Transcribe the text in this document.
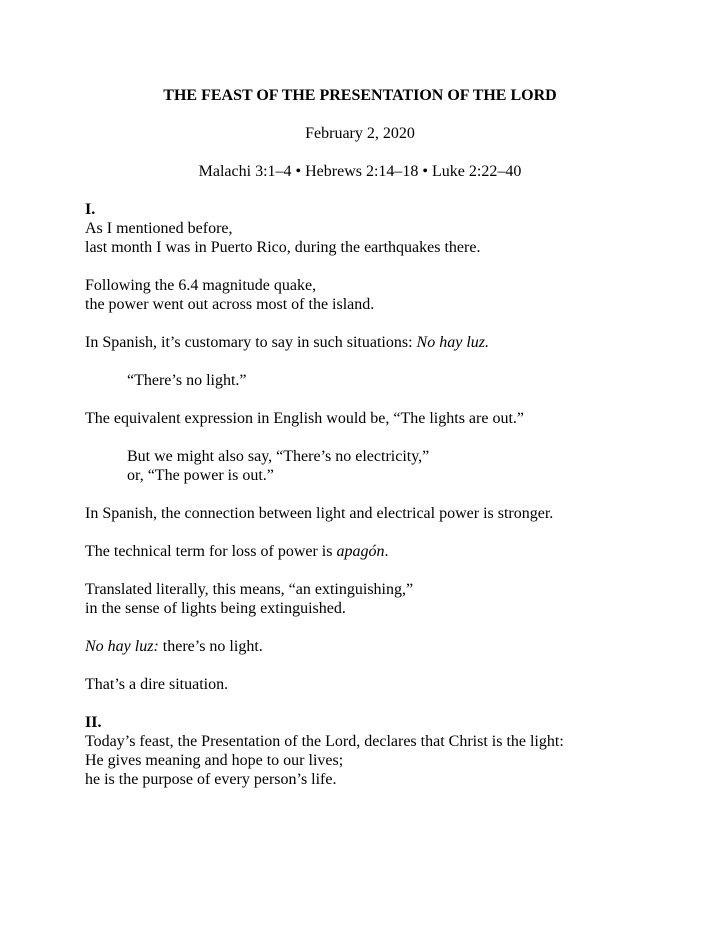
THE FEAST OF THE PRESENTATION OF THE LORD
February 2, 2020
Malachi 3:1–4 • Hebrews 2:14–18 • Luke 2:22–40

I.

As I mentioned before,
last month I was in Puerto Rico, during the earthquakes there.

Following the 6.4 magnitude quake,
the power went out across most of the island.

In Spanish, it’s customary to say in such situations: No hay luz.

“There’s no light.”

The equivalent expression in English would be, “The lights are out.”

But we might also say, “There’s no electricity,”
or, “The power is out.”

In Spanish, the connection between light and electrical power is stronger.

The technical term for loss of power is apagón.

Translated literally, this means, “an extinguishing,”
in the sense of lights being extinguished.

No hay luz: there’s no light.

That’s a dire situation.

II.

Today’s feast, the Presentation of the Lord, declares that Christ is the light:
He gives meaning and hope to our lives;
he is the purpose of every person’s life.
